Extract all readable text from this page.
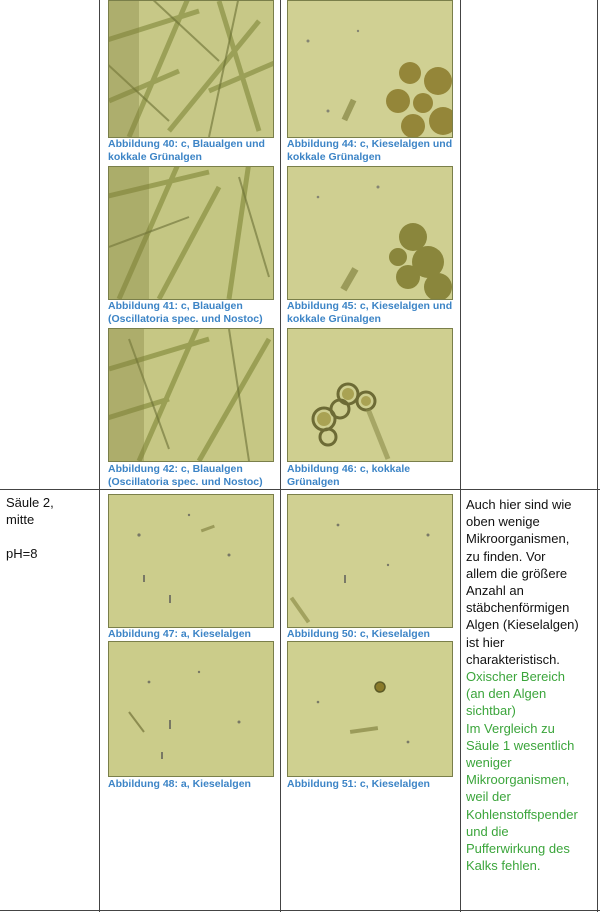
Abbildung 40: c, Blaualgen und
kokkale Grünalgen
Abbildung 44: c, Kieselalgen und
kokkale Grünalgen
Abbildung 41: c, Blaualgen
(Oscillatoria spec. und Nostoc)
Abbildung 45: c, Kieselalgen und
kokkale Grünalgen
Abbildung 42: c, Blaualgen
(Oscillatoria spec. und Nostoc)
Abbildung 46: c, kokkale
Grünalgen
Säule 2,
mitte
pH=8
Abbildung 47: a, Kieselalgen	Abbildung 50: c, Kieselalgen
Abbildung 48: a, Kieselalgen	Abbildung 51: c, Kieselalgen
Auch hier sind wie
oben wenige
Mikroorganismen,
zu finden. Vor
allem die größere
Anzahl an
stäbchenförmigen
Algen (Kieselalgen)
ist hier
charakteristisch.
Oxischer Bereich
(an den Algen
sichtbar)
Im Vergleich zu
Säule 1 wesentlich
weniger
Mikroorganismen,
weil der
Kohlenstoffspender
und die
Pufferwirkung des
Kalks fehlen.
